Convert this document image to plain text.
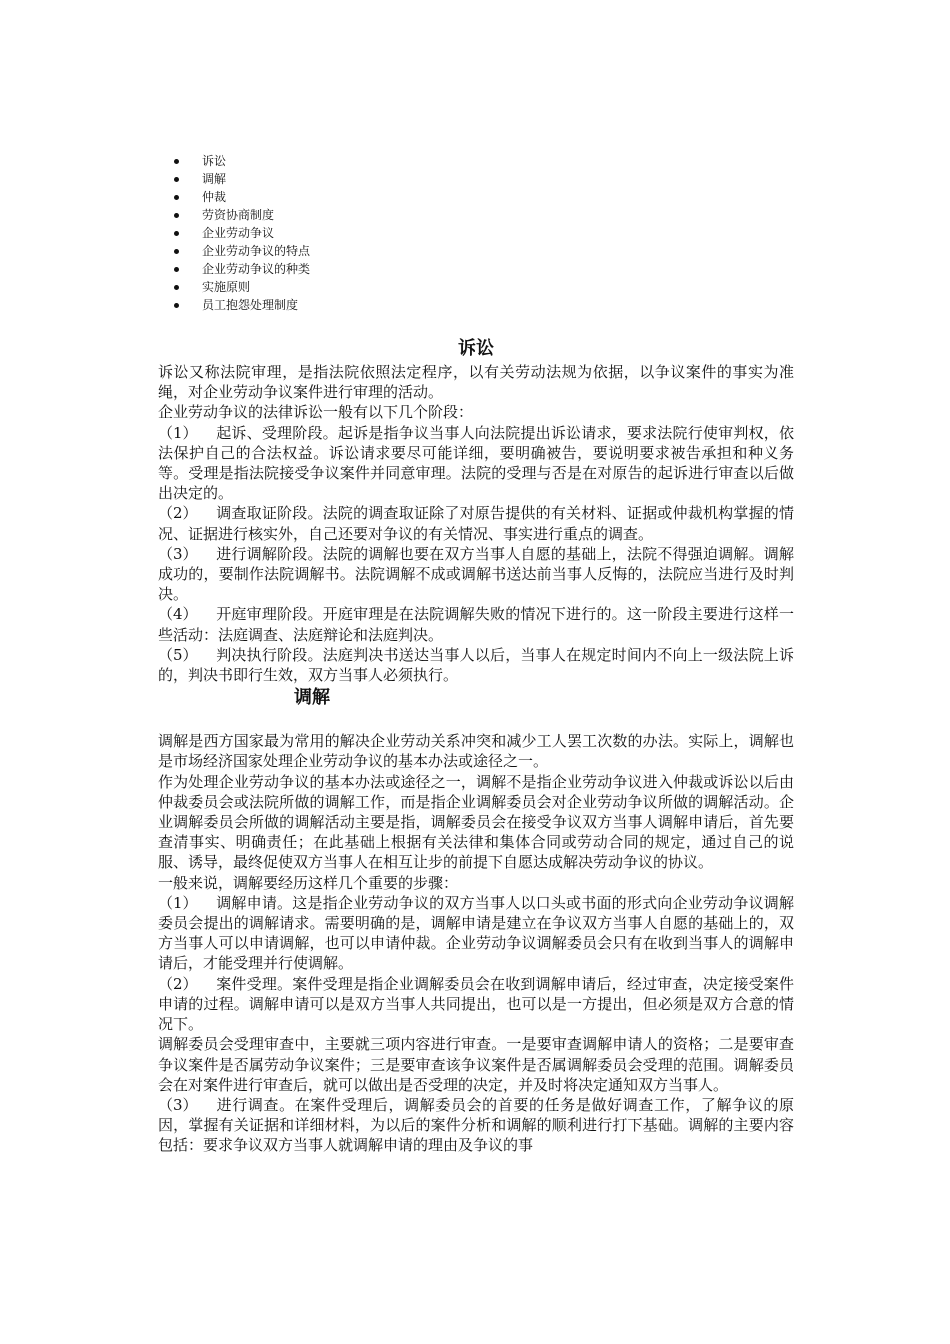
诉讼
调解
仲裁
劳资协商制度
企业劳动争议
企业劳动争议的特点
企业劳动争议的种类
实施原则
员工抱怨处理制度
诉讼

诉讼又称法院审理，是指法院依照法定程序，以有关劳动法规为依据，以争议案件的事实为准绳，对企业劳动争议案件进行审理的活动。

企业劳动争议的法律诉讼一般有以下几个阶段：

（1） 起诉、受理阶段。起诉是指争议当事人向法院提出诉讼请求，要求法院行使审判权，依法保护自己的合法权益。诉讼请求要尽可能详细，要明确被告，要说明要求被告承担和种义务等。受理是指法院接受争议案件并同意审理。法院的受理与否是在对原告的起诉进行审查以后做出决定的。

（2） 调查取证阶段。法院的调查取证除了对原告提供的有关材料、证据或仲裁机构掌握的情况、证据进行核实外，自己还要对争议的有关情况、事实进行重点的调查。

（3） 进行调解阶段。法院的调解也要在双方当事人自愿的基础上，法院不得强迫调解。调解成功的，要制作法院调解书。法院调解不成或调解书送达前当事人反悔的，法院应当进行及时判决。

（4） 开庭审理阶段。开庭审理是在法院调解失败的情况下进行的。这一阶段主要进行这样一些活动：法庭调查、法庭辩论和法庭判决。

（5） 判决执行阶段。法庭判决书送达当事人以后，当事人在规定时间内不向上一级法院上诉的，判决书即行生效，双方当事人必须执行。

调解

调解是西方国家最为常用的解决企业劳动关系冲突和减少工人罢工次数的办法。实际上，调解也是市场经济国家处理企业劳动争议的基本办法或途径之一。

作为处理企业劳动争议的基本办法或途径之一，调解不是指企业劳动争议进入仲裁或诉讼以后由仲裁委员会或法院所做的调解工作，而是指企业调解委员会对企业劳动争议所做的调解活动。企业调解委员会所做的调解活动主要是指，调解委员会在接受争议双方当事人调解申请后，首先要查清事实、明确责任；在此基础上根据有关法律和集体合同或劳动合同的规定，通过自己的说服、诱导，最终促使双方当事人在相互让步的前提下自愿达成解决劳动争议的协议。

一般来说，调解要经历这样几个重要的步骤：

（1） 调解申请。这是指企业劳动争议的双方当事人以口头或书面的形式向企业劳动争议调解委员会提出的调解请求。需要明确的是，调解申请是建立在争议双方当事人自愿的基础上的，双方当事人可以申请调解，也可以申请仲裁。企业劳动争议调解委员会只有在收到当事人的调解申请后，才能受理并行使调解。

（2） 案件受理。案件受理是指企业调解委员会在收到调解申请后，经过审查，决定接受案件申请的过程。调解申请可以是双方当事人共同提出，也可以是一方提出，但必须是双方合意的情况下。

调解委员会受理审查中，主要就三项内容进行审查。一是要审查调解申请人的资格；二是要审查争议案件是否属劳动争议案件；三是要审查该争议案件是否属调解委员会受理的范围。调解委员会在对案件进行审查后，就可以做出是否受理的决定，并及时将决定通知双方当事人。

（3） 进行调查。在案件受理后，调解委员会的首要的任务是做好调查工作，了解争议的原因，掌握有关证据和详细材料，为以后的案件分析和调解的顺利进行打下基础。调解的主要内容包括：要求争议双方当事人就调解申请的理由及争议的事
